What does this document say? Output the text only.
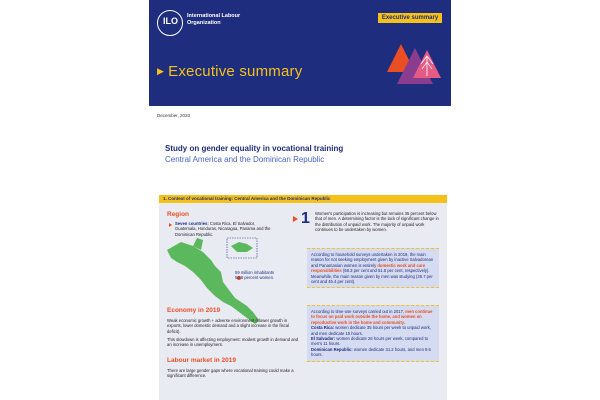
ILO International Labour Organization
Executive summary
▶ Executive summary
December, 2020
Study on gender equality in vocational training
Central America and the Dominican Republic
1. Context of vocational training: Central America and the Dominican Republic
Region
Seven countries: Costa Rica, El Salvador, Guatemala, Honduras, Nicaragua, Panama and the Dominican Republic.
59 million inhabitants 50.8 percent women.
Economy in 2019
Weak economic growth + adverse environment (slower growth in exports, lower domestic demand and a slight increase in the fiscal deficit).
This slowdown is affecting employment: modest growth in demand and an increase in unemployment.
Labour market in 2019
There are large gender gaps where vocational training could make a significant difference.
1 Women's participation is increasing but remains 35 percent below that of men. A determining factor is the lack of significant change in the distribution of unpaid work. The majority of unpaid work continues to be undertaken by women.
According to household surveys undertaken in 2019, the main reason for not seeking employment given by inactive Salvadorean and Panamanian women is entirely domestic work and care responsibilities (68.3 per cent and 51.8 per cent, respectively). Meanwhile, the main reason given by men was studying (36.7 per cent and 45.4 per cent).
According to time-use surveys carried out in 2017, men continue to focus on paid work outside the home, and women on reproductive work in the home and community.
Costa Rica: women dedicate 35 hours per week to unpaid work, and men dedicate 15 hours.
El Salvador: women dedicate 26 hours per week, compared to men's 11 hours.
Dominican Republic: women dedicate 31.2 hours, and men 9.6 hours.
